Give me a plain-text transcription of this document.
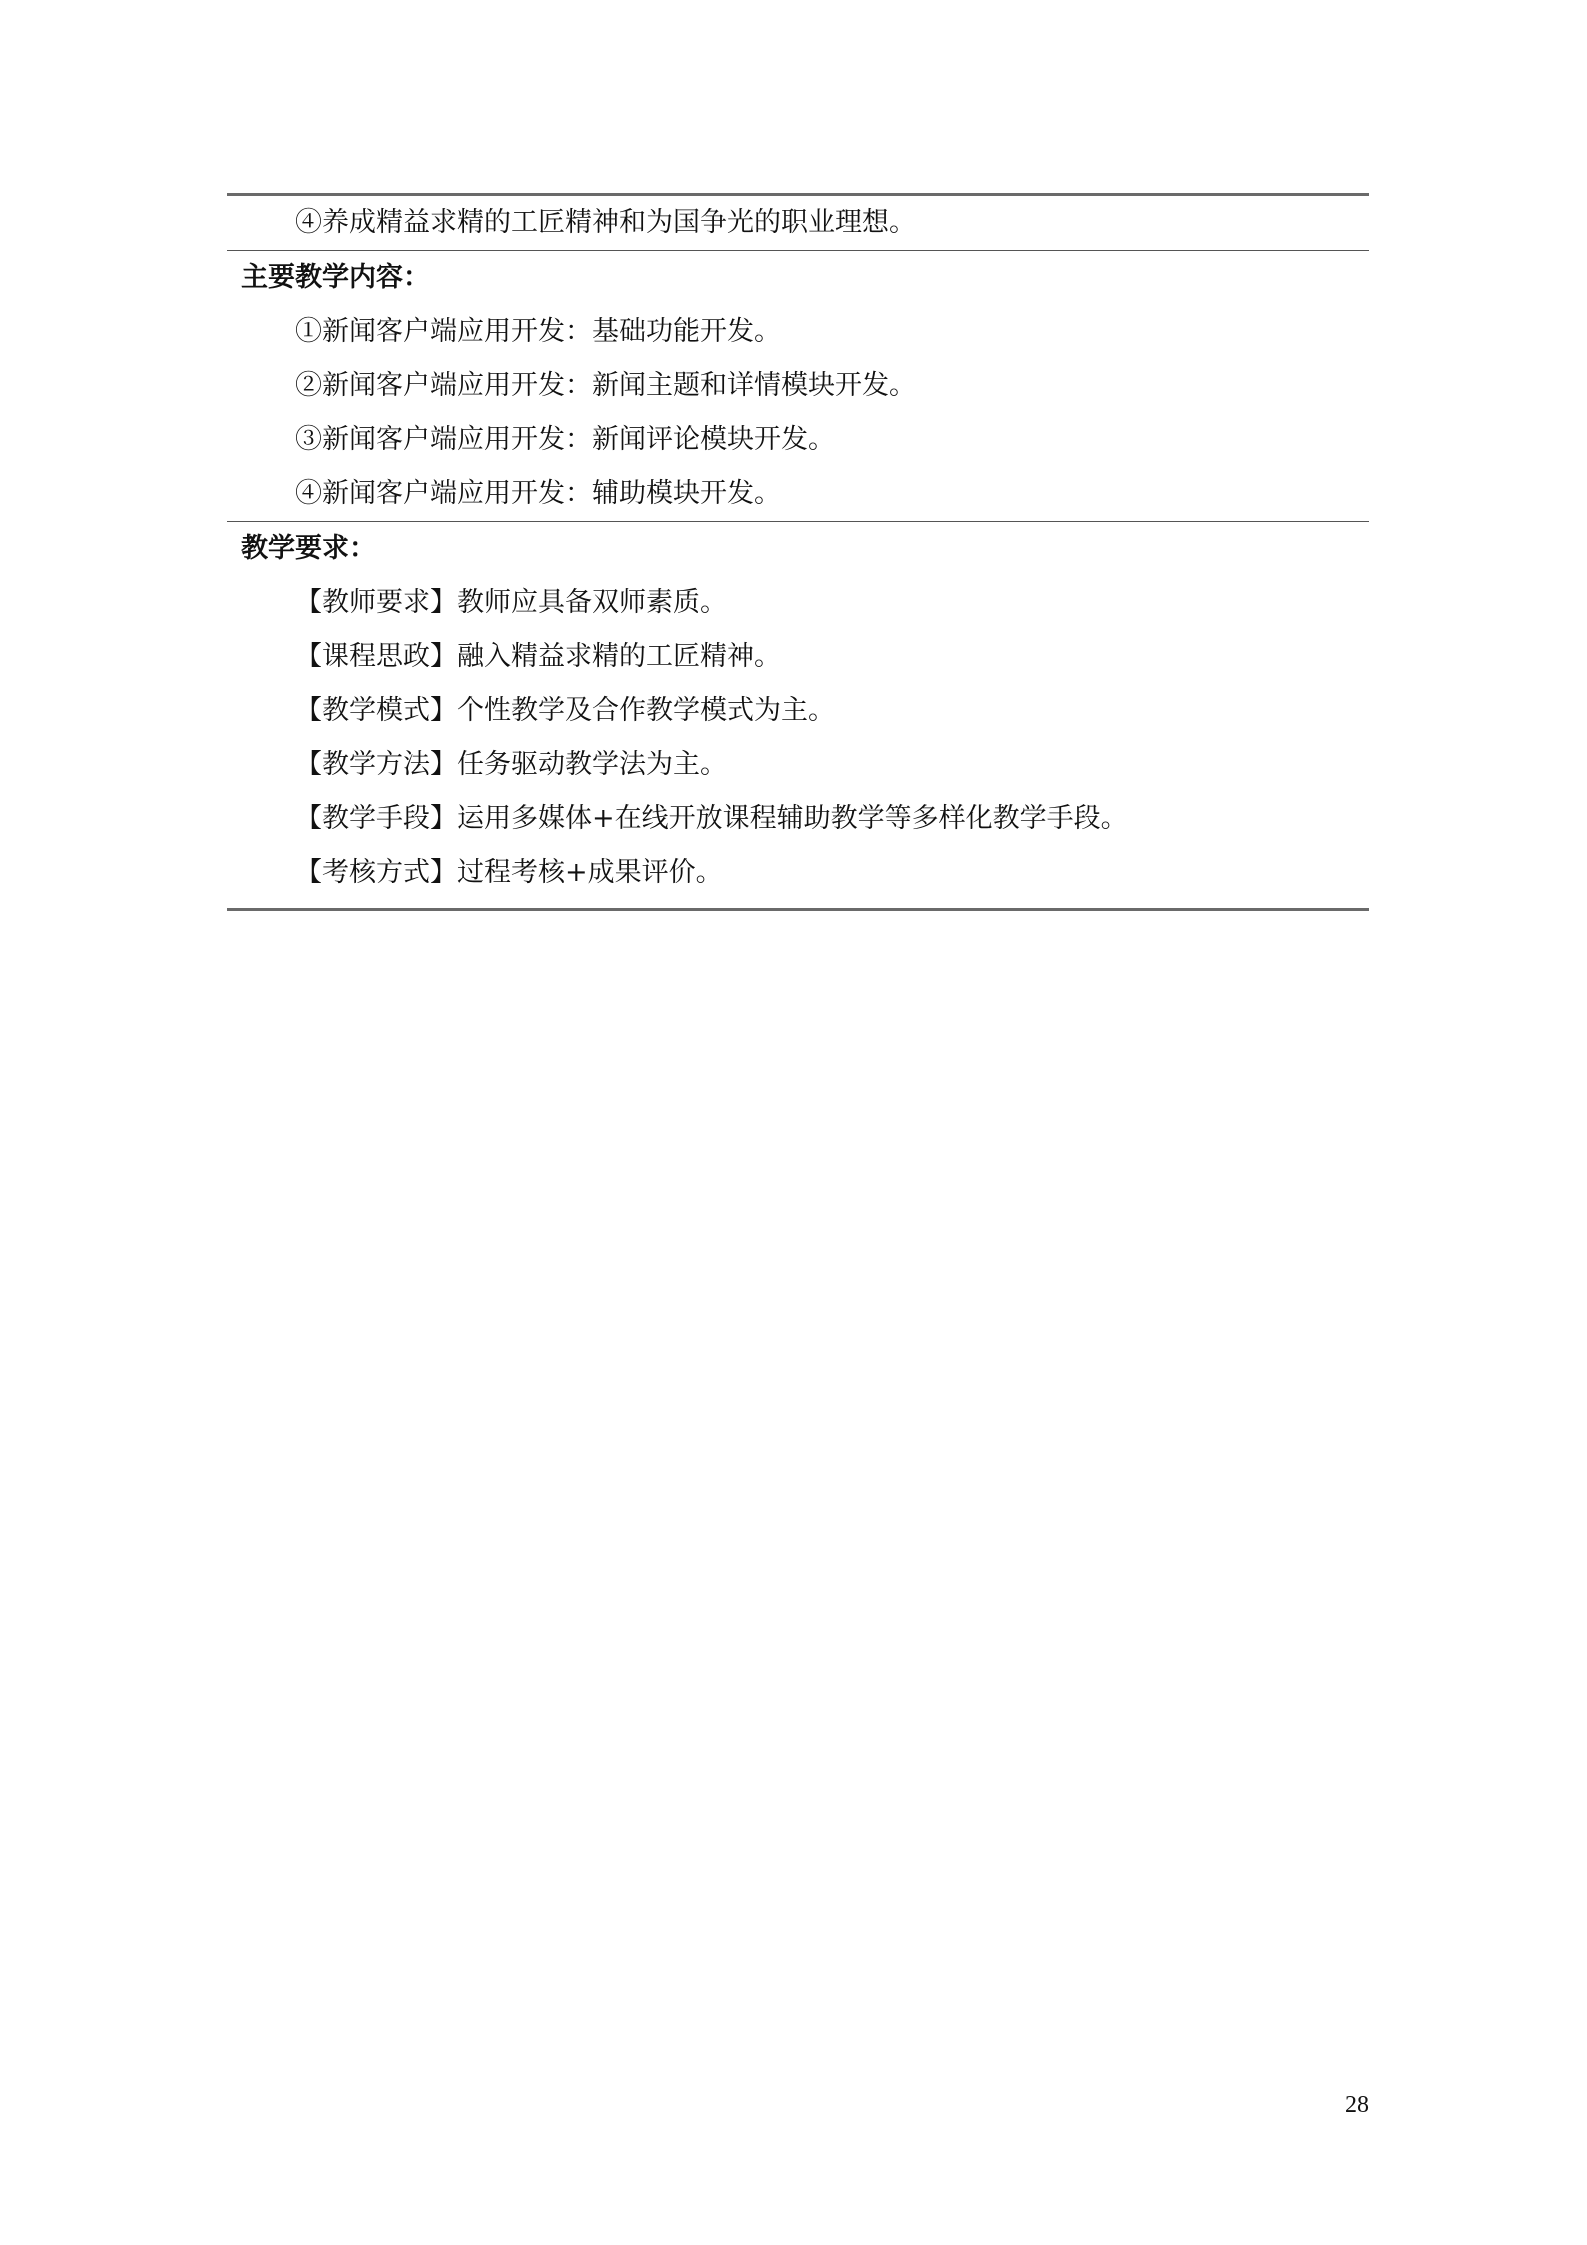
④养成精益求精的工匠精神和为国争光的职业理想。
主要教学内容：
①新闻客户端应用开发：基础功能开发。
②新闻客户端应用开发：新闻主题和详情模块开发。
③新闻客户端应用开发：新闻评论模块开发。
④新闻客户端应用开发：辅助模块开发。
教学要求：
【教师要求】教师应具备双师素质。
【课程思政】融入精益求精的工匠精神。
【教学模式】个性教学及合作教学模式为主。
【教学方法】任务驱动教学法为主。
【教学手段】运用多媒体+在线开放课程辅助教学等多样化教学手段。
【考核方式】过程考核+成果评价。
28
